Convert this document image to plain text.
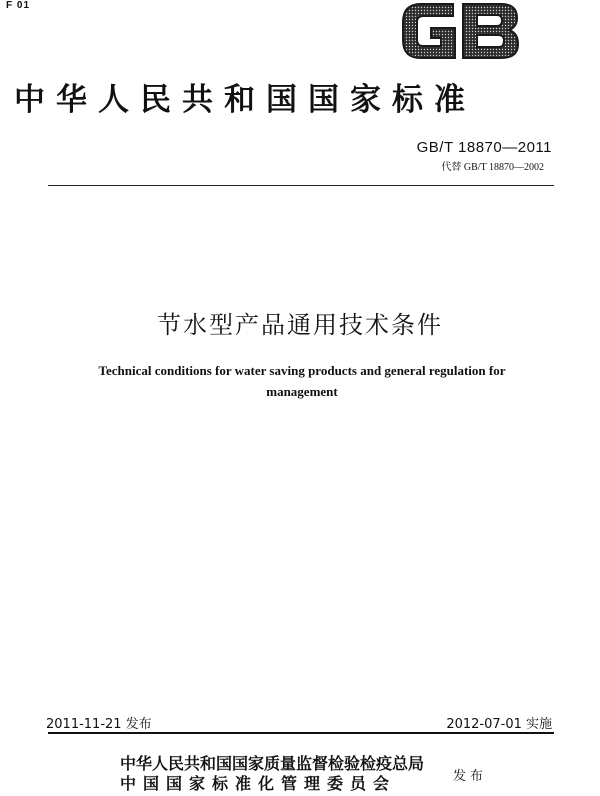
F 01
中华人民共和国国家标准
GB/T 18870—2011
代替 GB/T 18870—2002
节水型产品通用技术条件
Technical conditions for water saving products and general regulation for
management
2011-11-21 发布	2012-07-01 实施
中华人民共和国国家质量监督检验检疫总局
中国国家标准化管理委员会	发布
